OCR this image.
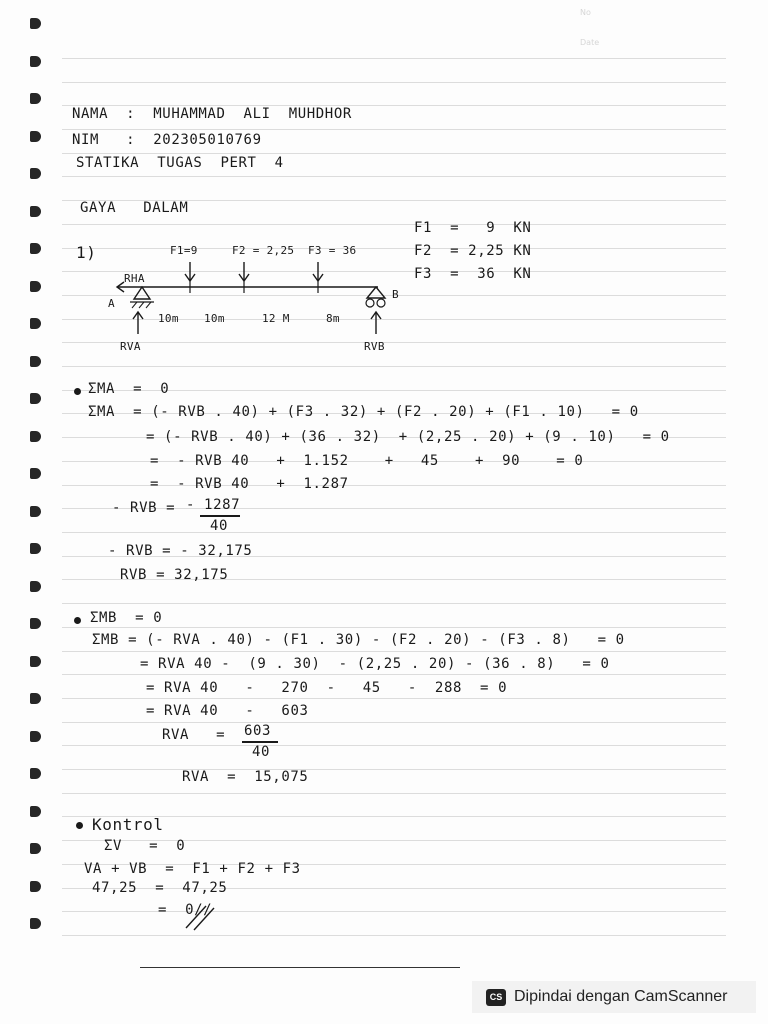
No
Date
NAMA  :  MUHAMMAD  ALI  MUHDHOR
NIM   :  202305010769
STATIKA  TUGAS  PERT  4
GAYA   DALAM
F1  =   9  KN
F2  = 2,25 KN
F3  =  36  KN
1)	F1=9	F2 = 2,25 F3 = 36
RHA
A
B
10m 10m	12 M	8m
RVA	RVB
ΣMA  =  0
ΣMA  = (- RVB . 40) + (F3 . 32) + (F2 . 20) + (F1 . 10)   = 0
= (- RVB . 40) + (36 . 32)  + (2,25 . 20) + (9 . 10)   = 0
=  - RVB 40   +  1.152    +   45    +  90    = 0
=  - RVB 40   +  1.287
- RVB = - 1287
40
- RVB = - 32,175
RVB = 32,175
ΣMB  = 0
ΣMB = (- RVA . 40) - (F1 . 30) - (F2 . 20) - (F3 . 8)   = 0
= RVA 40 -  (9 . 30)  - (2,25 . 20) - (36 . 8)   = 0
= RVA 40   -   270  -   45   -  288  = 0
= RVA 40   -   603
RVA   = 603
40
RVA  =  15,075
Kontrol
ΣV   =  0
VA + VB  =  F1 + F2 + F3
47,25  =  47,25
=  0//
CS Dipindai dengan CamScanner
